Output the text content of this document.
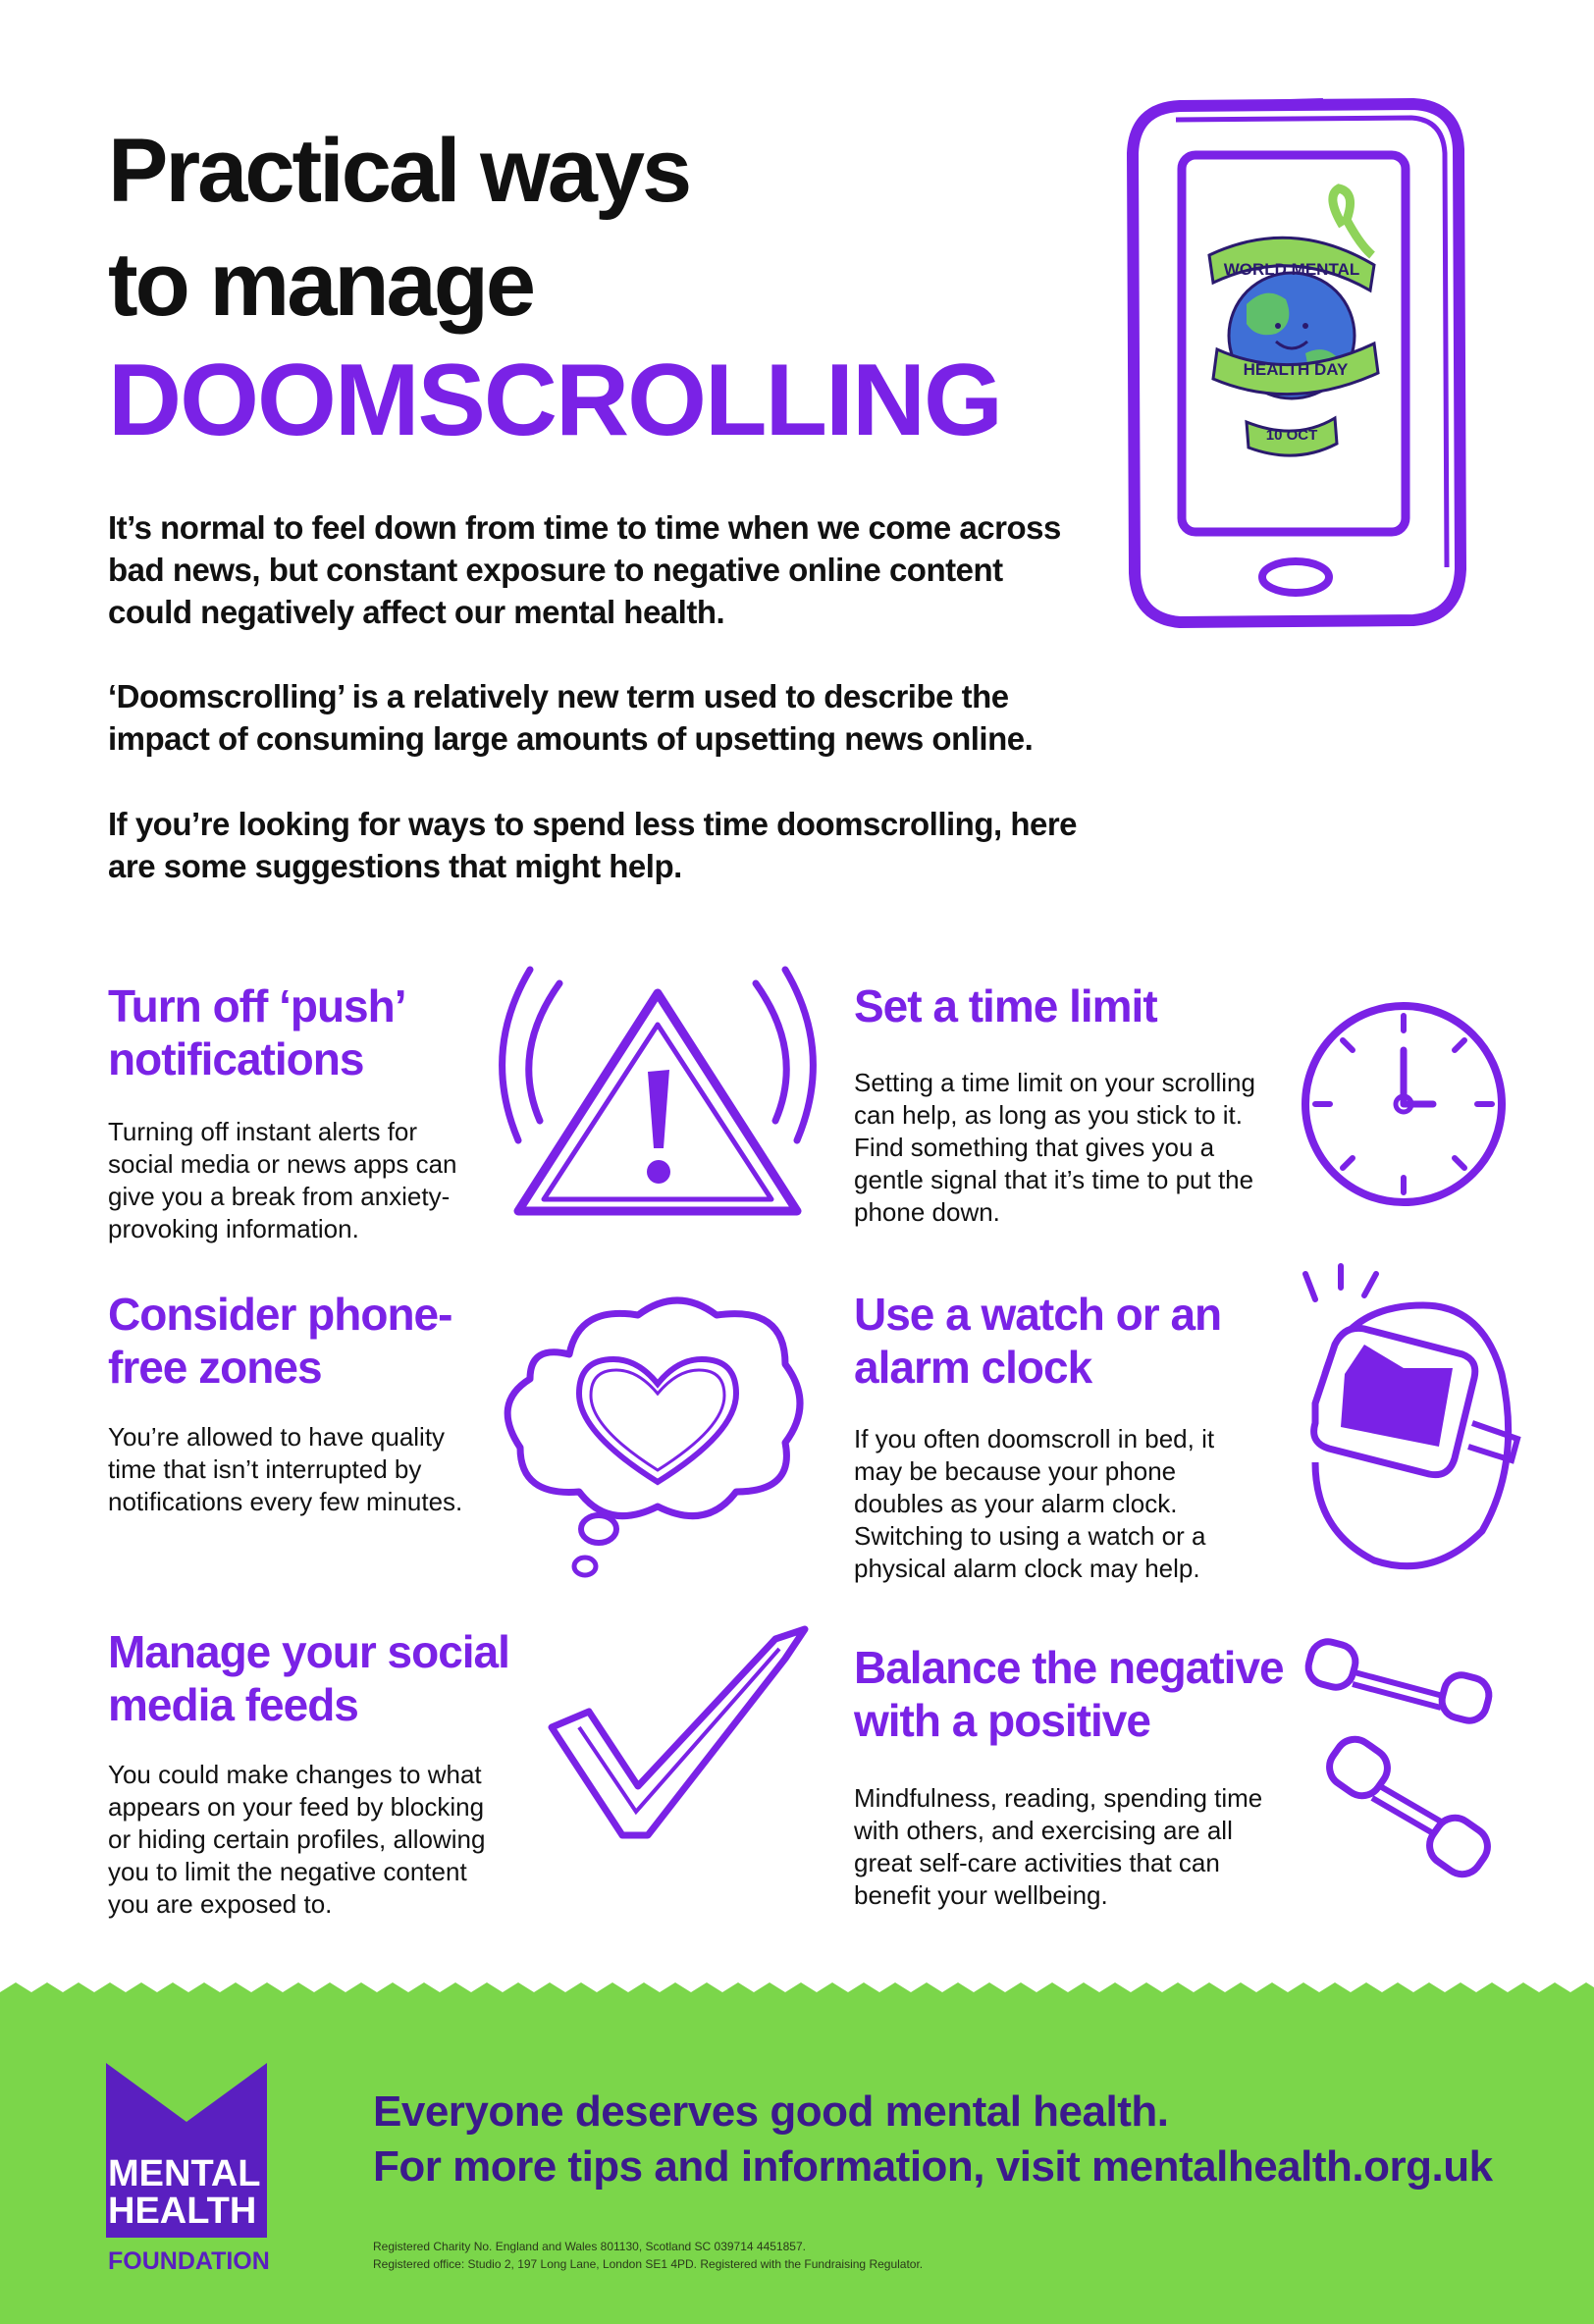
Practical ways
to manage
DOOMSCROLLING
It’s normal to feel down from time to time when we come across bad news, but constant exposure to negative online content could negatively affect our mental health.
‘Doomscrolling’ is a relatively new term used to describe the impact of consuming large amounts of upsetting news online.
If you’re looking for ways to spend less time doomscrolling, here are some suggestions that might help.
WORLD MENTAL
HEALTH DAY
10 OCT
Turn off ‘push’ notifications
Turning off instant alerts for social media or news apps can give you a break from anxiety-provoking information.
Set a time limit
Setting a time limit on your scrolling can help, as long as you stick to it. Find something that gives you a gentle signal that it’s time to put the phone down.
Consider phone-free zones
You’re allowed to have quality time that isn’t interrupted by notifications every few minutes.
Use a watch or an alarm clock
If you often doomscroll in bed, it may be because your phone doubles as your alarm clock. Switching to using a watch or a physical alarm clock may help.
Manage your social media feeds
You could make changes to what appears on your feed by blocking or hiding certain profiles, allowing you to limit the negative content you are exposed to.
Balance the negative with a positive
Mindfulness, reading, spending time with others, and exercising are all great self-care activities that can benefit your wellbeing.
MENTAL
HEALTH
FOUNDATION
Everyone deserves good mental health.
For more tips and information, visit mentalhealth.org.uk
Registered Charity No. England and Wales 801130, Scotland SC 039714 4451857.
Registered office: Studio 2, 197 Long Lane, London SE1 4PD. Registered with the Fundraising Regulator.
